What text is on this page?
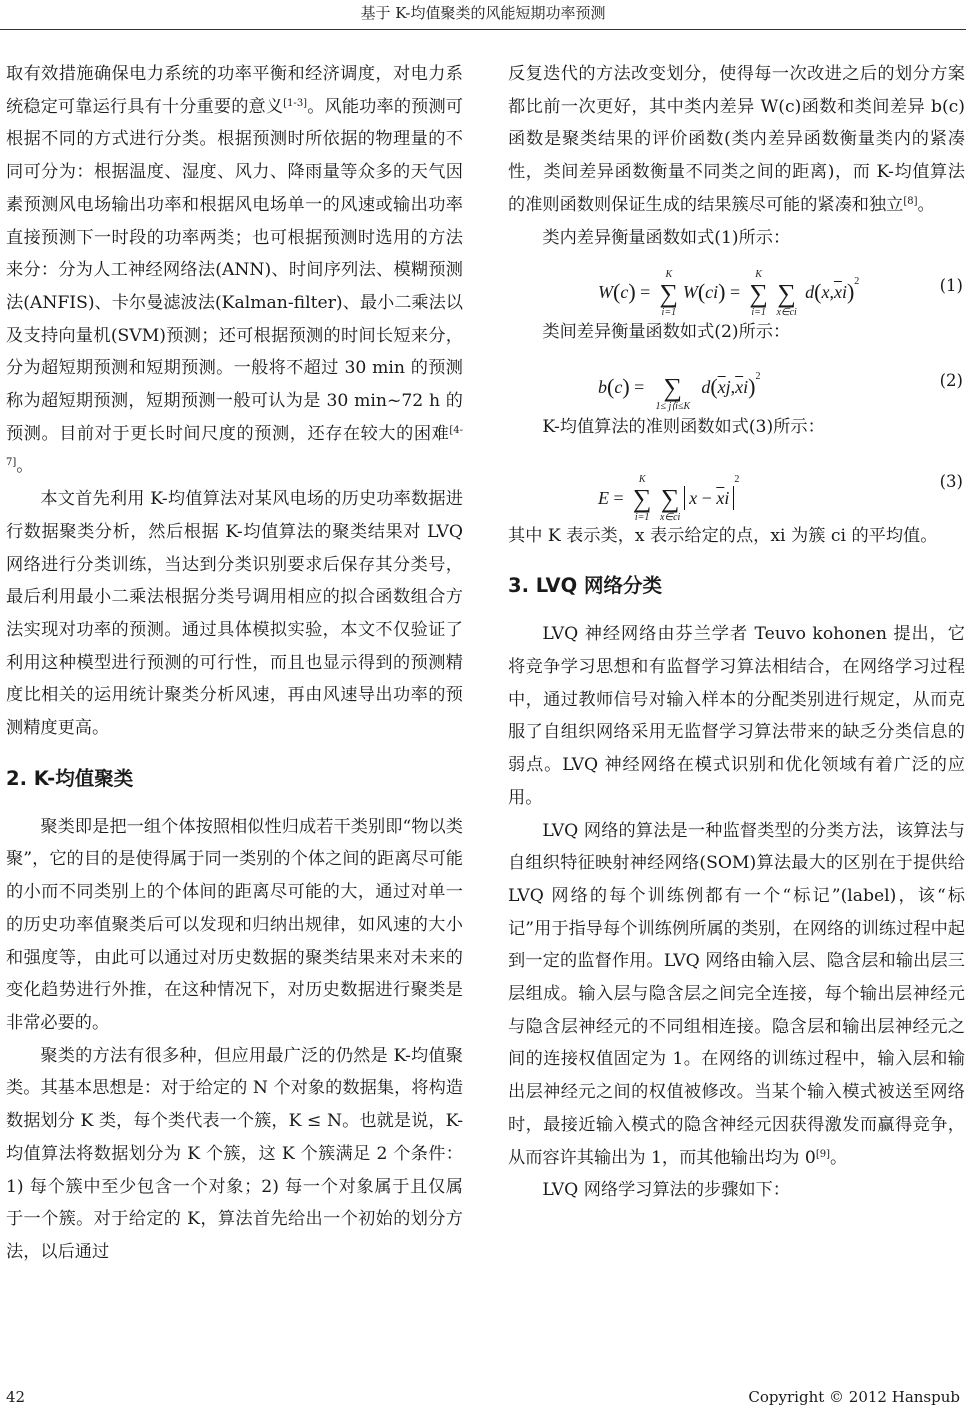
基于 K-均值聚类的风能短期功率预测

取有效措施确保电力系统的功率平衡和经济调度，对电力系统稳定可靠运行具有十分重要的意义[1-3]。风能功率的预测可根据不同的方式进行分类。根据预测时所依据的物理量的不同可分为：根据温度、湿度、风力、降雨量等众多的天气因素预测风电场输出功率和根据风电场单一的风速或输出功率直接预测下一时段的功率两类；也可根据预测时选用的方法来分：分为人工神经网络法(ANN)、时间序列法、模糊预测法(ANFIS)、卡尔曼滤波法(Kalman-filter)、最小二乘法以及支持向量机(SVM)预测；还可根据预测的时间长短来分，分为超短期预测和短期预测。一般将不超过 30 min 的预测称为超短期预测，短期预测一般可认为是 30 min~72 h 的预测。目前对于更长时间尺度的预测，还存在较大的困难[4-7]。

本文首先利用 K-均值算法对某风电场的历史功率数据进行数据聚类分析，然后根据 K-均值算法的聚类结果对 LVQ 网络进行分类训练，当达到分类识别要求后保存其分类号，最后利用最小二乘法根据分类号调用相应的拟合函数组合方法实现对功率的预测。通过具体模拟实验，本文不仅验证了利用这种模型进行预测的可行性，而且也显示得到的预测精度比相关的运用统计聚类分析风速，再由风速导出功率的预测精度更高。

2. K-均值聚类

聚类即是把一组个体按照相似性归成若干类别即“物以类聚”，它的目的是使得属于同一类别的个体之间的距离尽可能的小而不同类别上的个体间的距离尽可能的大，通过对单一的历史功率值聚类后可以发现和归纳出规律，如风速的大小和强度等，由此可以通过对历史数据的聚类结果来对未来的变化趋势进行外推，在这种情况下，对历史数据进行聚类是非常必要的。

聚类的方法有很多种，但应用最广泛的仍然是 K-均值聚类。其基本思想是：对于给定的 N 个对象的数据集，将构造数据划分 K 类，每个类代表一个簇，K ≤ N。也就是说，K-均值算法将数据划分为 K 个簇，这 K 个簇满足 2 个条件：1) 每个簇中至少包含一个对象；2) 每一个对象属于且仅属于一个簇。对于给定的 K，算法首先给出一个初始的划分方法，以后通过

反复迭代的方法改变划分，使得每一次改进之后的划分方案都比前一次更好，其中类内差异 W(c)函数和类间差异 b(c)函数是聚类结果的评价函数(类内差异函数衡量类内的紧凑性，类间差异函数衡量不同类之间的距离)，而 K-均值算法的准则函数则保证生成的结果簇尽可能的紧凑和独立[8]。

类内差异衡量函数如式(1)所示：

W(c) =
K
∑
i=1
W(ci) =
K
∑
i=1
∑
x∈ci
$d(x,\overline{x}i)^2$	(1)

类间差异衡量函数如式(2)所示：

b(c) = ∑
1≤ j⟨i≤K
$d(\overline{x}j,\overline{x}i)^2$	(2)

K-均值算法的准则函数如式(3)所示：

E =
K
∑
i=1
∑
x∈ci
$x - \overline{x}i^2$	(3)

其中 K 表示类，x 表示给定的点，xi 为簇 ci 的平均值。

3. LVQ 网络分类

LVQ 神经网络由芬兰学者 Teuvo kohonen 提出，它将竞争学习思想和有监督学习算法相结合，在网络学习过程中，通过教师信号对输入样本的分配类别进行规定，从而克服了自组织网络采用无监督学习算法带来的缺乏分类信息的弱点。LVQ 神经网络在模式识别和优化领域有着广泛的应用。

LVQ 网络的算法是一种监督类型的分类方法，该算法与自组织特征映射神经网络(SOM)算法最大的区别在于提供给 LVQ 网络的每个训练例都有一个“标记”(label)，该“标记”用于指导每个训练例所属的类别，在网络的训练过程中起到一定的监督作用。LVQ 网络由输入层、隐含层和输出层三层组成。输入层与隐含层之间完全连接，每个输出层神经元与隐含层神经元的不同组相连接。隐含层和输出层神经元之间的连接权值固定为 1。在网络的训练过程中，输入层和输出层神经元之间的权值被修改。当某个输入模式被送至网络时，最接近输入模式的隐含神经元因获得激发而赢得竞争，从而容许其输出为 1，而其他输出均为 0[9]。

LVQ 网络学习算法的步骤如下：

42	Copyright © 2012 Hanspub
